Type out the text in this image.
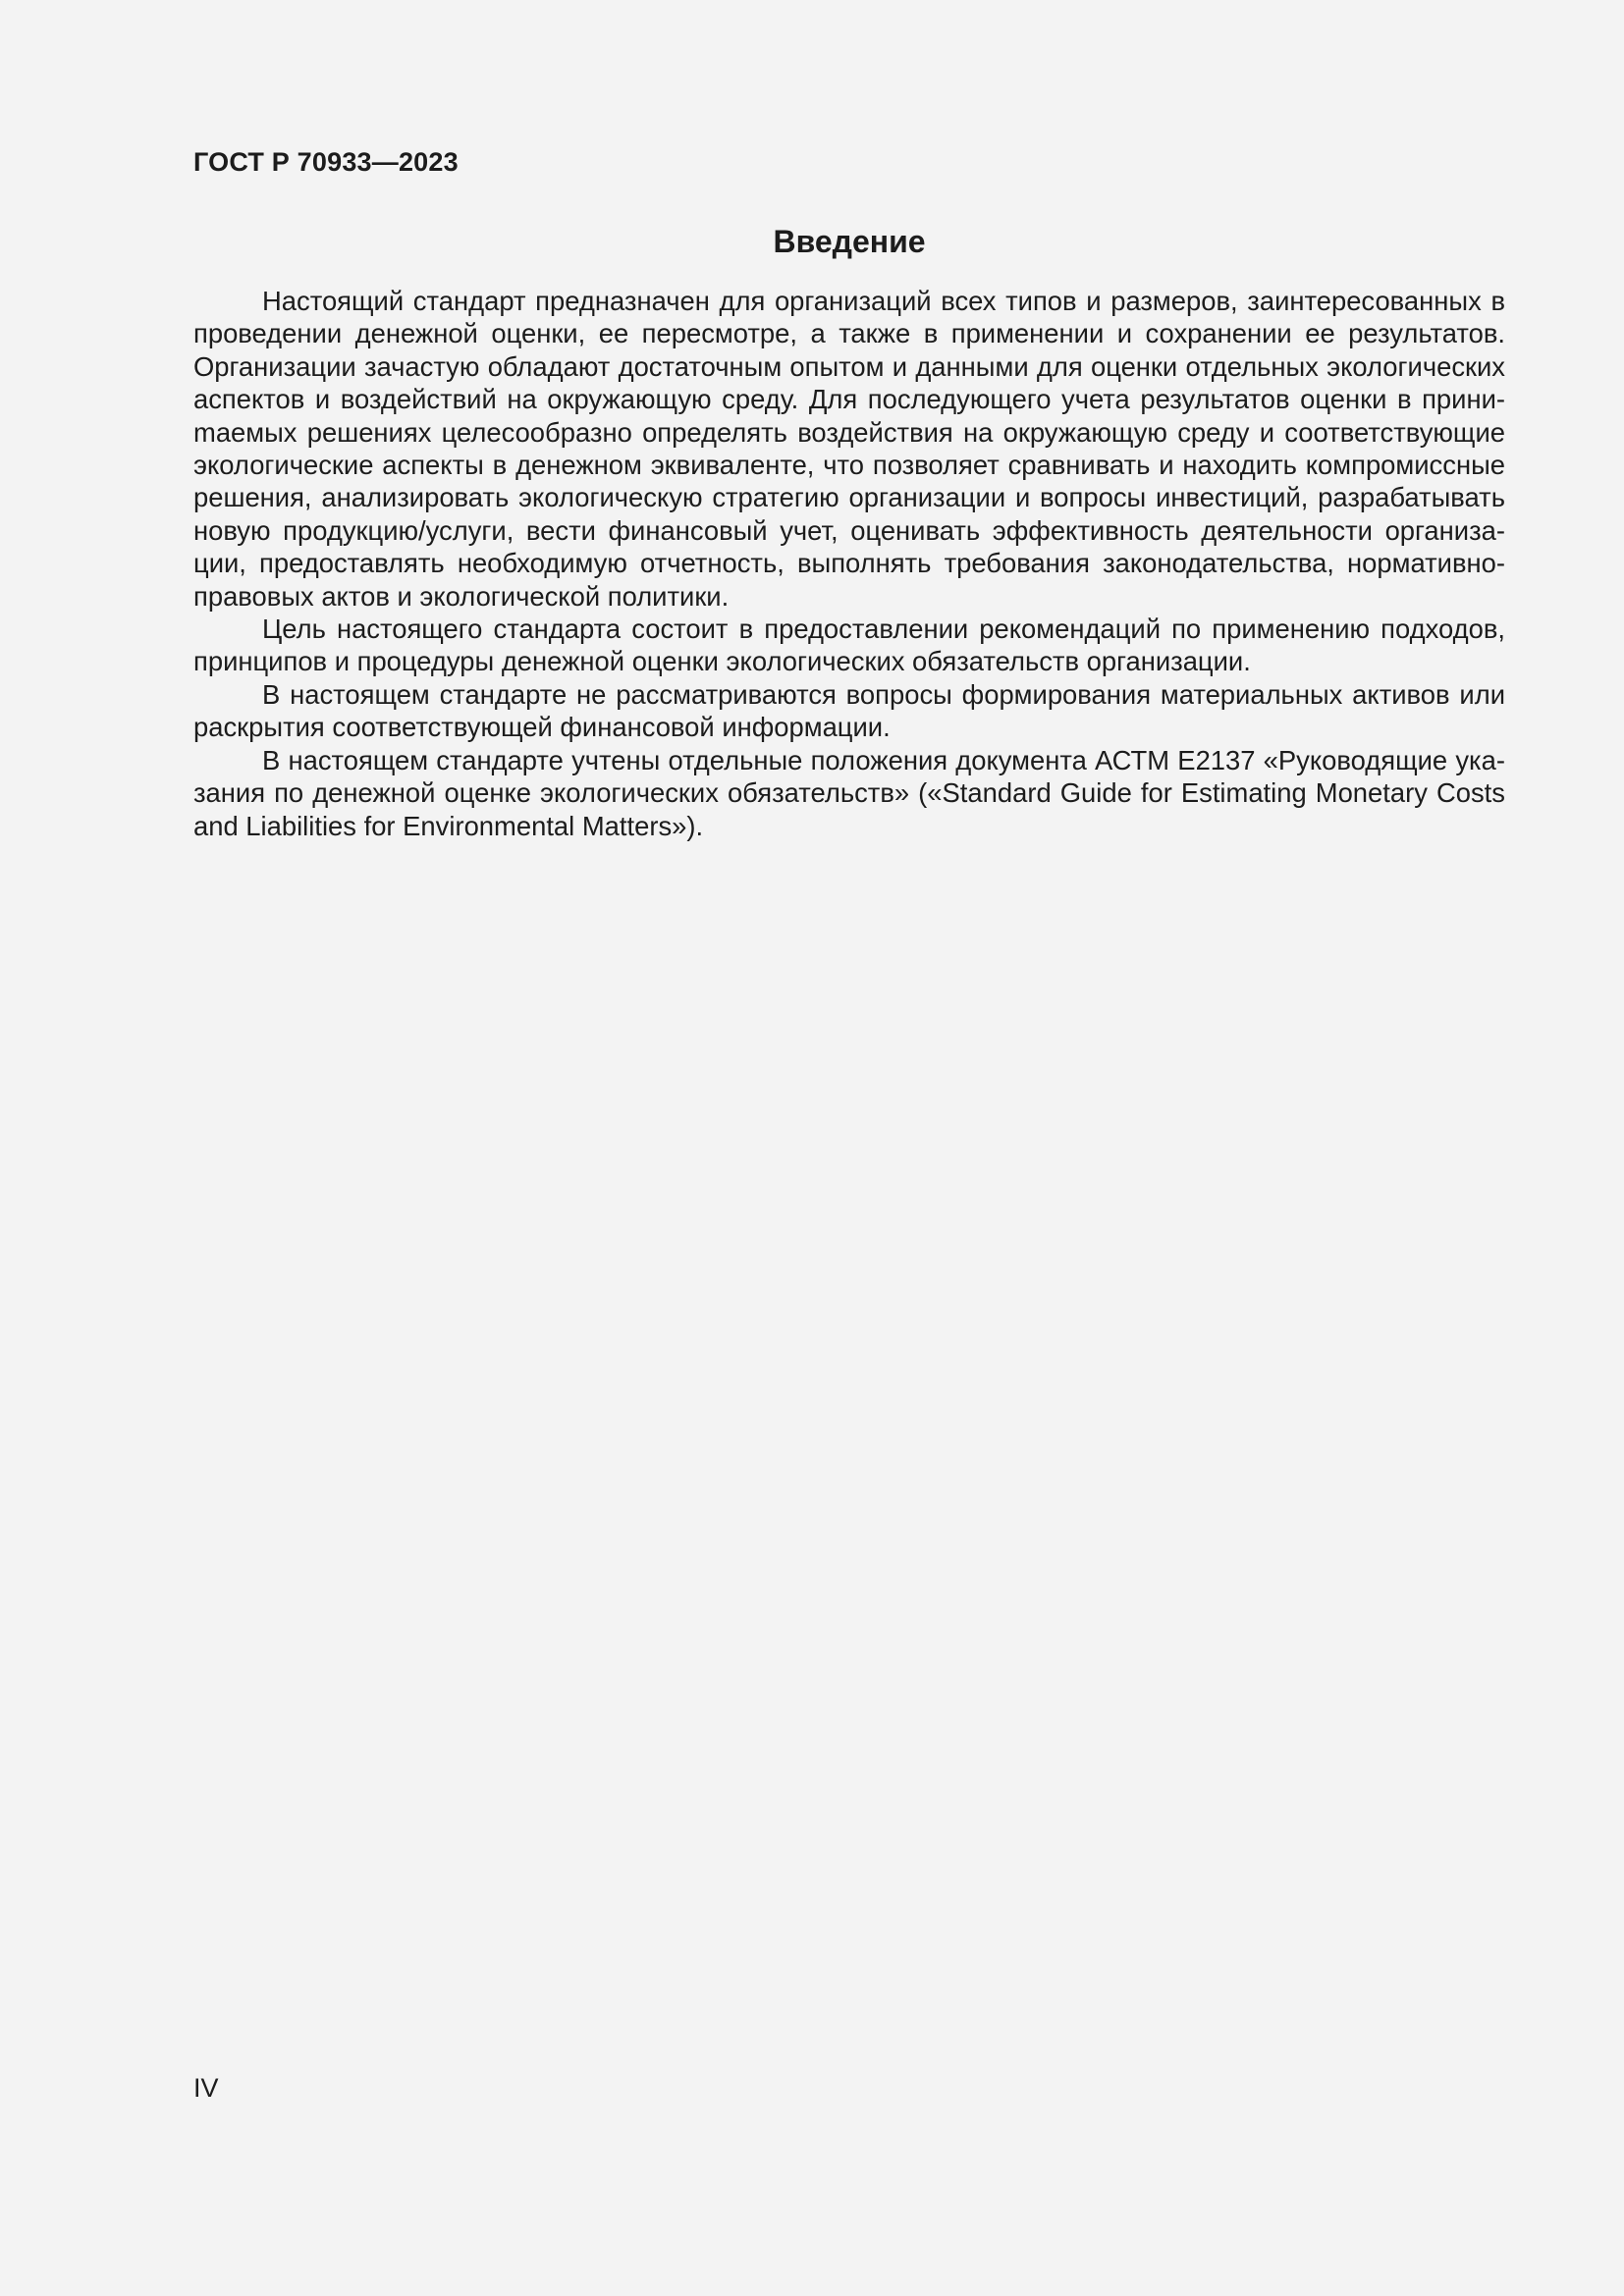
ГОСТ Р 70933—2023
Введение

Настоящий стандарт предназначен для организаций всех типов и размеров, заинтересованных в проведении денежной оценки, ее пересмотре, а также в применении и сохранении ее результатов. Организации зачастую обладают достаточным опытом и данными для оценки отдельных экологических аспектов и воздействий на окружающую среду. Для последующего учета результатов оценки в приниmаемых решениях целесообразно определять воздействия на окружающую среду и соответствующие экологические аспекты в денежном эквиваленте, что позволяет сравнивать и находить компромиссные решения, анализировать экологическую стратегию организации и вопросы инвестиций, разрабатывать новую продукцию/услуги, вести финансовый учет, оценивать эффективность деятельности организации, предоставлять необходимую отчетность, выполнять требования законодательства, нормативно-правовых актов и экологической политики.

Цель настоящего стандарта состоит в предоставлении рекомендаций по применению подходов, принципов и процедуры денежной оценки экологических обязательств организации.

В настоящем стандарте не рассматриваются вопросы формирования материальных активов или раскрытия соответствующей финансовой информации.

В настоящем стандарте учтены отдельные положения документа АСТМ Е2137 «Руководящие указания по денежной оценке экологических обязательств» («Standard Guide for Estimating Monetary Costs and Liabilities for Environmental Matters»).

IV
